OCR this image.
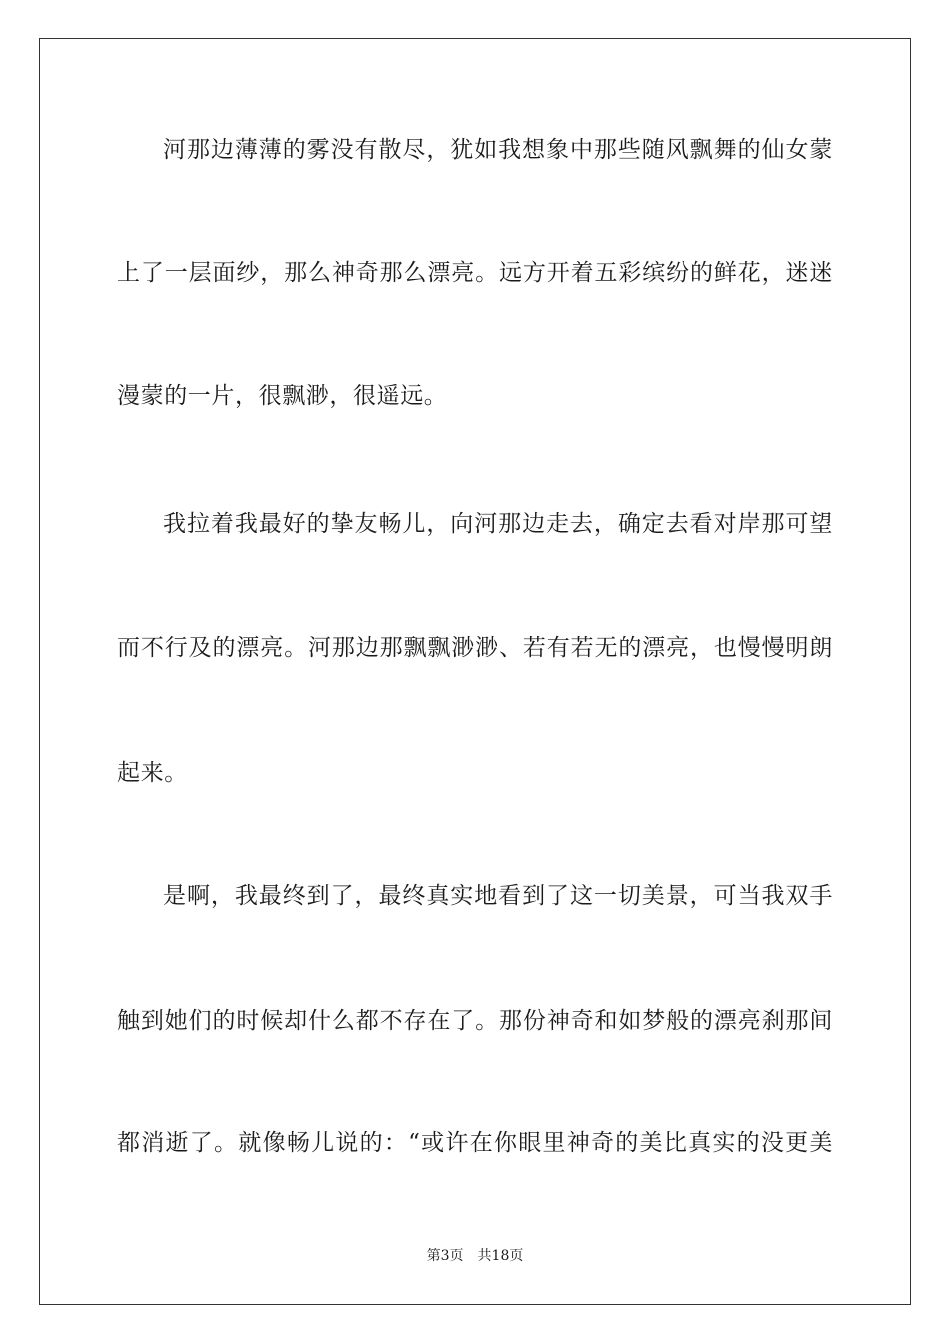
河那边薄薄的雾没有散尽，犹如我想象中那些随风飘舞的仙女蒙
上了一层面纱，那么神奇那么漂亮。远方开着五彩缤纷的鲜花，迷迷
漫蒙的一片，很飘渺，很遥远。
我拉着我最好的挚友畅儿，向河那边走去，确定去看对岸那可望
而不行及的漂亮。河那边那飘飘渺渺、若有若无的漂亮，也慢慢明朗
起来。
是啊，我最终到了，最终真实地看到了这一切美景，可当我双手
触到她们的时候却什么都不存在了。那份神奇和如梦般的漂亮刹那间
都消逝了。就像畅儿说的：“或许在你眼里神奇的美比真实的没更美
第3页 共18页
